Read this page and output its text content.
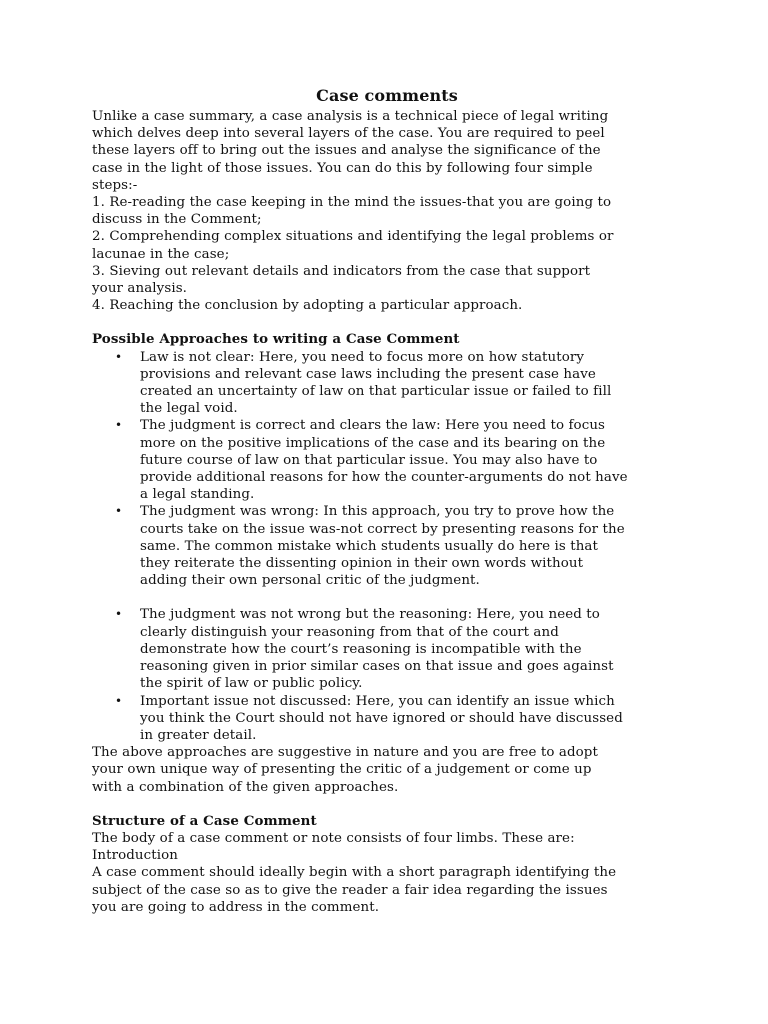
Case comments
Unlike a case summary, a case analysis is a technical piece of legal writing
which delves deep into several layers of the case. You are required to peel
these layers off to bring out the issues and analyse the significance of the
case in the light of those issues. You can do this by following four simple
steps:-
1. Re-reading the case keeping in the mind the issues-that you are going to
discuss in the Comment;
2. Comprehending complex situations and identifying the legal problems or
lacunae in the case;
3. Sieving out relevant details and indicators from the case that support
your analysis.
4. Reaching the conclusion by adopting a particular approach.
Possible Approaches to writing a Case Comment
• Law is not clear: Here, you need to focus more on how statutory
provisions and relevant case laws including the present case have
created an uncertainty of law on that particular issue or failed to fill
the legal void.
• The judgment is correct and clears the law: Here you need to focus
more on the positive implications of the case and its bearing on the
future course of law on that particular issue. You may also have to
provide additional reasons for how the counter-arguments do not have
a legal standing.
• The judgment was wrong: In this approach, you try to prove how the
courts take on the issue was-not correct by presenting reasons for the
same. The common mistake which students usually do here is that
they reiterate the dissenting opinion in their own words without
adding their own personal critic of the judgment.
• The judgment was not wrong but the reasoning: Here, you need to
clearly distinguish your reasoning from that of the court and
demonstrate how the court’s reasoning is incompatible with the
reasoning given in prior similar cases on that issue and goes against
the spirit of law or public policy.
• Important issue not discussed: Here, you can identify an issue which
you think the Court should not have ignored or should have discussed
in greater detail.
The above approaches are suggestive in nature and you are free to adopt
your own unique way of presenting the critic of a judgement or come up
with a combination of the given approaches.
Structure of a Case Comment
The body of a case comment or note consists of four limbs. These are:
Introduction
A case comment should ideally begin with a short paragraph identifying the
subject of the case so as to give the reader a fair idea regarding the issues
you are going to address in the comment.
